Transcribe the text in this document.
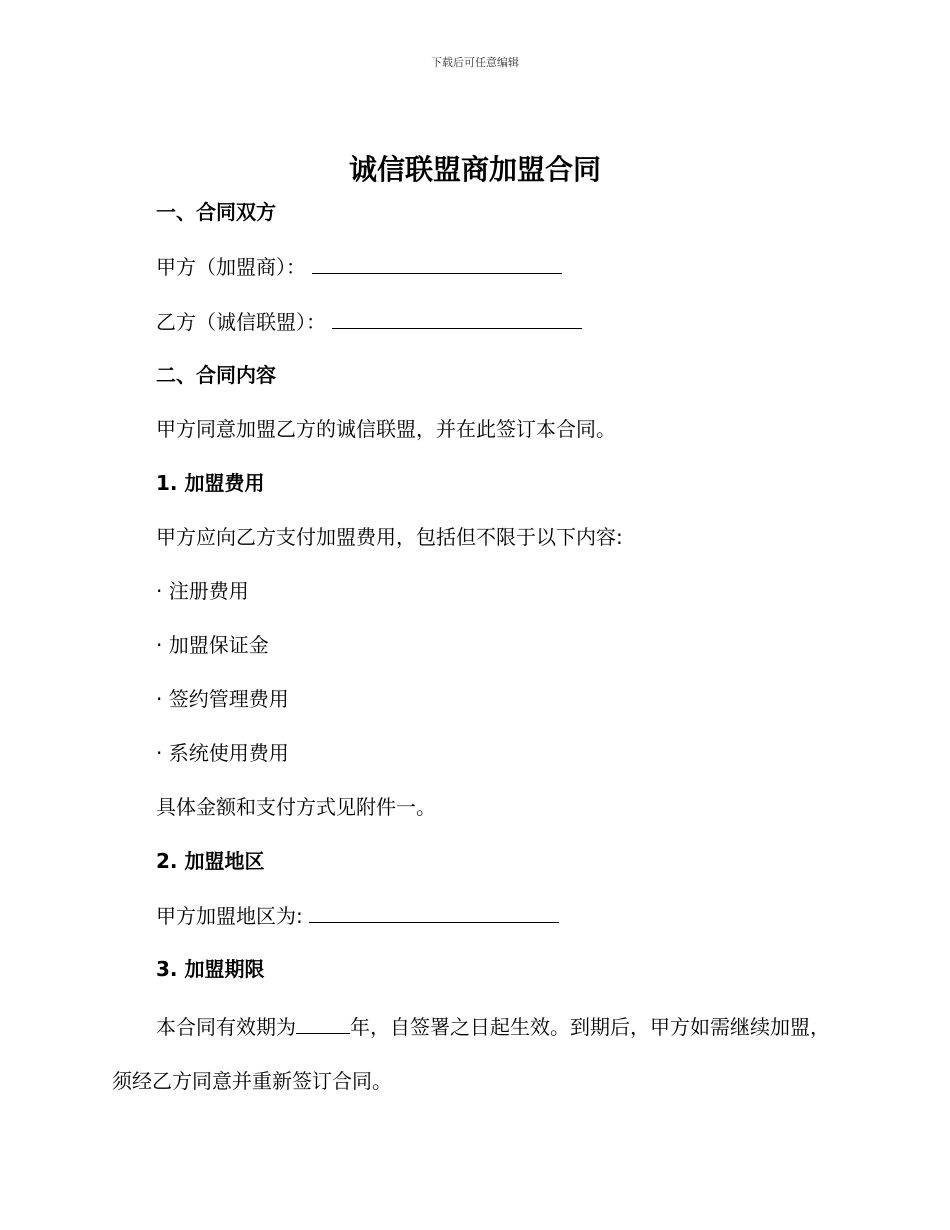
下载后可任意编辑
诚信联盟商加盟合同
一、合同双方
甲方（加盟商）：
乙方（诚信联盟）：
二、合同内容
甲方同意加盟乙方的诚信联盟，并在此签订本合同。
1. 加盟费用
甲方应向乙方支付加盟费用，包括但不限于以下内容:
· 注册费用
· 加盟保证金
· 签约管理费用
· 系统使用费用
具体金额和支付方式见附件一。
2. 加盟地区
甲方加盟地区为:
3. 加盟期限
本合同有效期为	年，自签署之日起生效。到期后，甲方如需继续加盟，须经乙方同意并重新签订合同。
